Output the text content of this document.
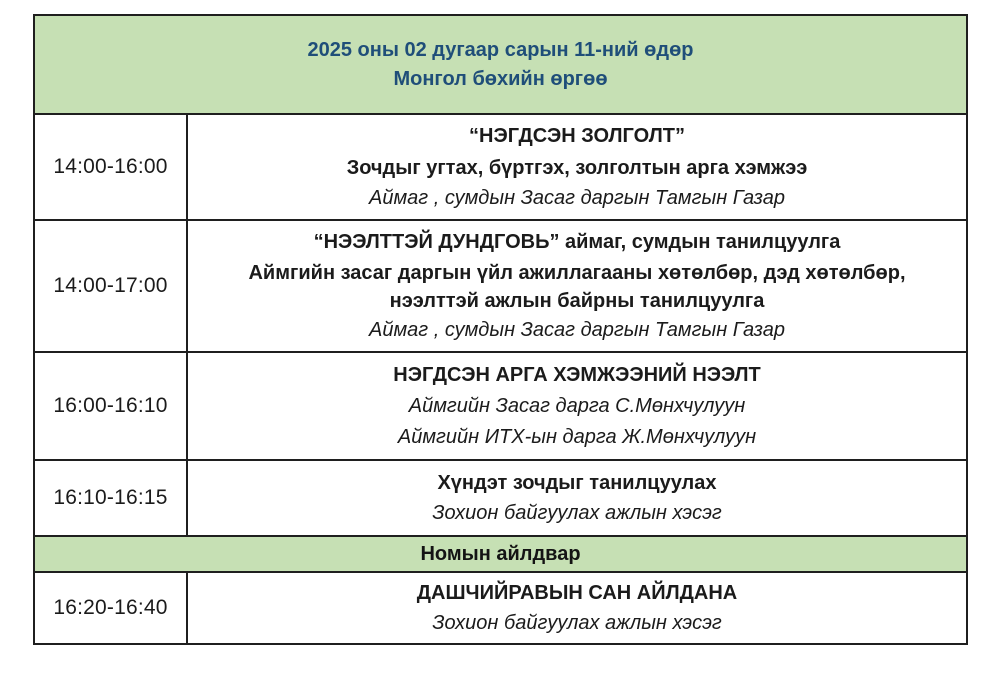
2025 оны 02 дугаар сарын 11-ний өдөр
Монгол бөхийн өргөө
14:00-16:00
“НЭГДСЭН ЗОЛГОЛТ”
Зочдыг угтах, бүртгэх, золголтын арга хэмжээ
Аймаг , сумдын Засаг даргын Тамгын Газар
14:00-17:00
“НЭЭЛТТЭЙ ДУНДГОВЬ” аймаг, сумдын танилцуулга
Аймгийн засаг даргын үйл ажиллагааны хөтөлбөр, дэд хөтөлбөр, нээлттэй ажлын байрны танилцуулга
Аймаг , сумдын Засаг даргын Тамгын Газар
16:00-16:10
НЭГДСЭН АРГА ХЭМЖЭЭНИЙ НЭЭЛТ
Аймгийн Засаг дарга С.Мөнхчулуун
Аймгийн ИТХ-ын дарга Ж.Мөнхчулуун
16:10-16:15
Хүндэт зочдыг танилцуулах
Зохион байгуулах ажлын хэсэг
Номын айлдвар
16:20-16:40
ДАШЧИЙРАВЫН САН АЙЛДАНА
Зохион байгуулах ажлын хэсэг
